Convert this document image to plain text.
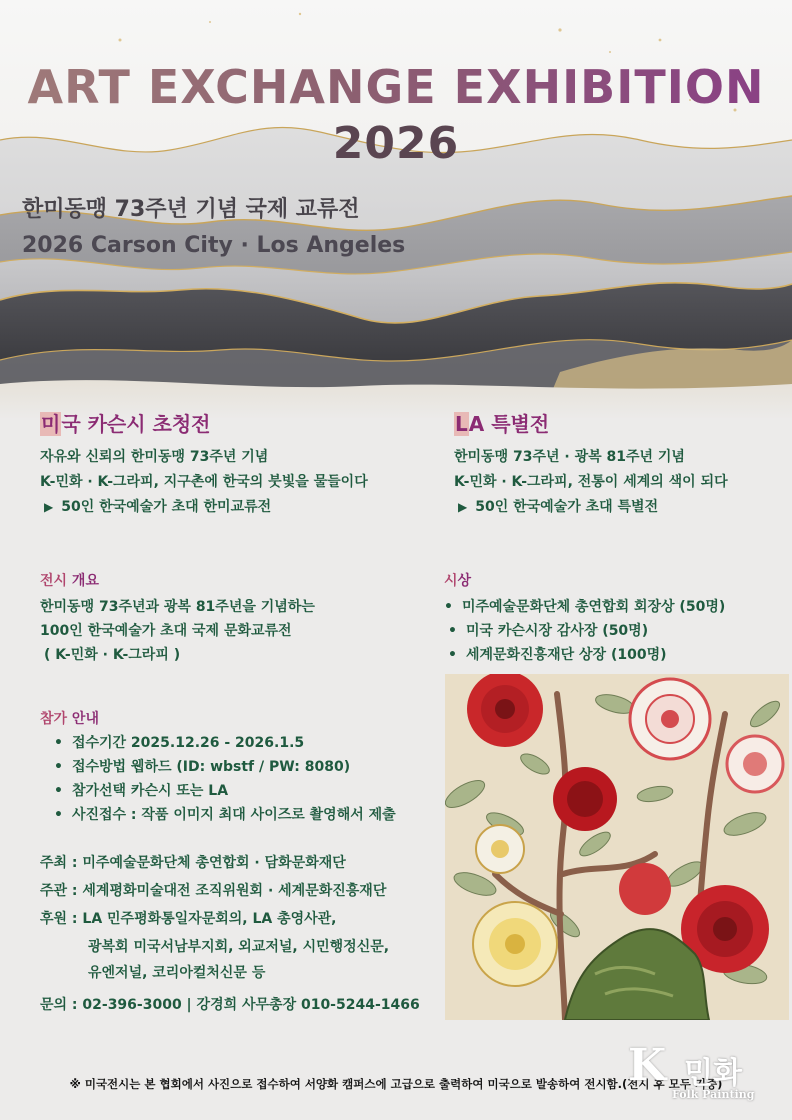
ART EXCHANGE EXHIBITION
2026
한미동맹 73주년 기념 국제 교류전
2026 Carson City · Los Angeles
미국 카슨시 초청전
자유와 신뢰의 한미동맹 73주년 기념
K-민화 · K-그라피, 지구촌에 한국의 붓빛을 물들이다
▶ 50인 한국예술가 초대 한미교류전
LA 특별전
한미동맹 73주년 · 광복 81주년 기념
K-민화 · K-그라피, 전통이 세계의 색이 되다
▶ 50인 한국예술가 초대 특별전
전시 개요
한미동맹 73주년과 광복 81주년을 기념하는
100인 한국예술가 초대 국제 문화교류전
( K-민화 · K-그라피 )
시상
• 미주예술문화단체 총연합회 회장상 (50명)
• 미국 카슨시장 감사장 (50명)
• 세계문화진흥재단 상장 (100명)
참가 안내
• 접수기간 2025.12.26 - 2026.1.5
• 접수방법 웹하드 (ID: wbstf / PW: 8080)
• 참가선택 카슨시 또는 LA
• 사진접수 : 작품 이미지 최대 사이즈로 촬영해서 제출
주최 : 미주예술문화단체 총연합회 · 담화문화재단
주관 : 세계평화미술대전 조직위원회 · 세계문화진흥재단
후원 : LA 민주평화통일자문회의, LA 총영사관,
광복회 미국서남부지회, 외교저널, 시민행정신문,
유엔저널, 코리아컬처신문 등
문의 : 02-396-3000 | 강경희 사무총장 010-5244-1466
※ 미국전시는 본 협회에서 사진으로 접수하여 서양화 캠퍼스에 고급으로 출력하여 미국으로 발송하여 전시함.(전시 후 모두 기증)
K 민화
Folk Painting
